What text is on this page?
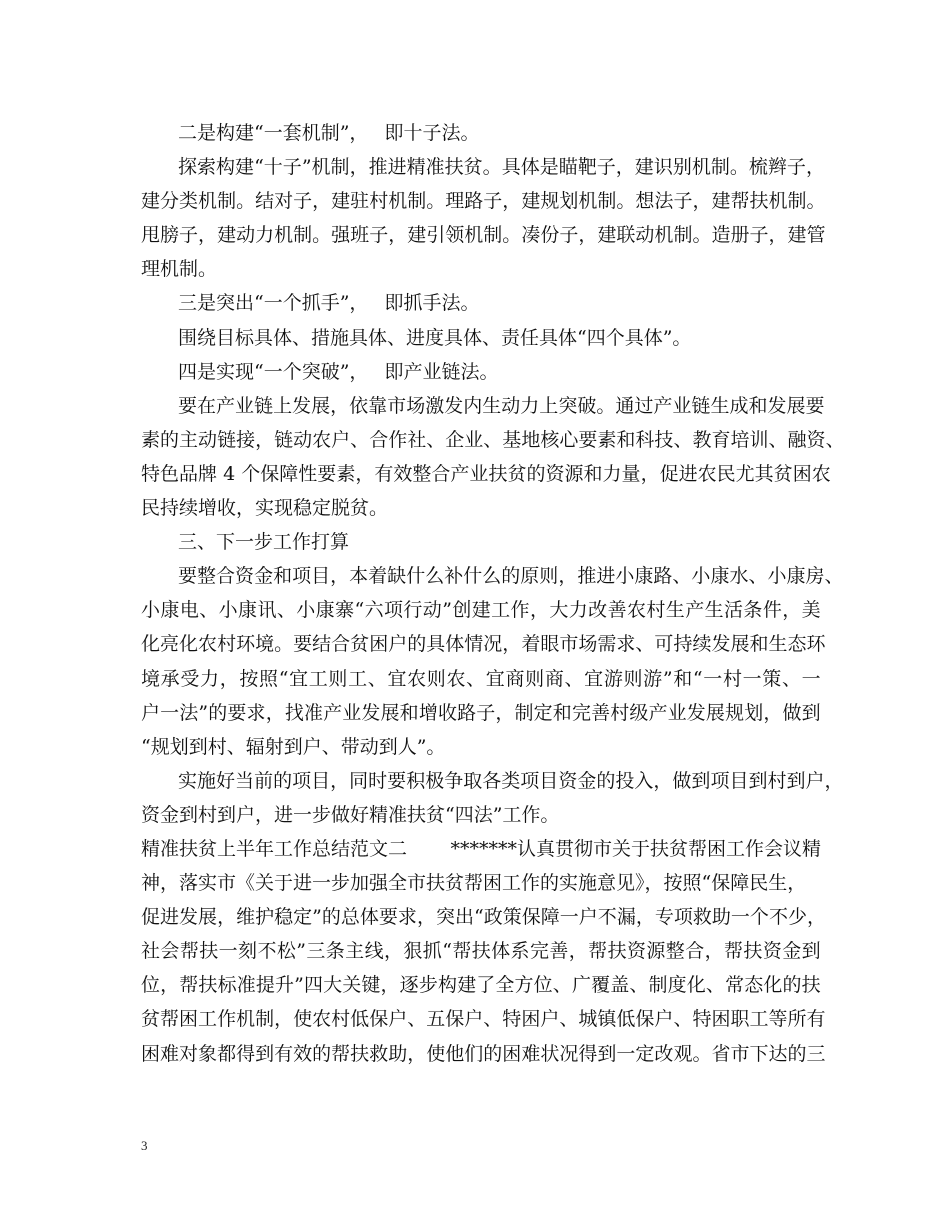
二是构建“一套机制”， 即十子法。
探 索 构 建 “ 十 子 ” 机 制 ， 推 进 精 准 扶 贫 。 具 体 是 瞄 靶 子 ， 建 识 别 机 制 。 梳 辫 子 ，
建 分 类 机 制 。 结 对 子 ， 建 驻 村 机 制 。 理 路 子 ， 建 规 划 机 制 。 想 法 子 ， 建 帮 扶 机 制 。
甩 膀 子 ， 建 动 力 机 制 。 强 班 子 ， 建 引 领 机 制 。 凑 份 子 ， 建 联 动 机 制 。 造 册 子 ， 建 管
理机制。
三是突出“一个抓手”， 即抓手法。
围绕目标具体、措施具体、进度具体、责任具体“四个具体”。
四是实现“一个突破”， 即产业链法。
要 在 产 业 链 上 发 展 ， 依 靠 市 场 激 发 内 生 动 力 上 突 破 。 通 过 产 业 链 生 成 和 发 展 要
素 的 主 动 链 接 ， 链 动 农 户 、 合 作 社 、 企 业 、 基 地 核 心 要 素 和 科 技 、 教 育 培 训 、 融 资 、
特 色 品 牌 4 个 保 障 性 要 素 ， 有 效 整 合 产 业 扶 贫 的 资 源 和 力 量 ， 促 进 农 民 尤 其 贫 困 农
民持续增收，实现稳定脱贫。
三、下一步工作打算
要 整 合 资 金 和 项 目 ， 本 着 缺 什 么 补 什 么 的 原 则 ， 推 进 小 康 路 、 小 康 水 、 小 康 房 、
小 康 电 、 小 康 讯 、 小 康 寨 “ 六 项 行 动 ” 创 建 工 作 ， 大 力 改 善 农 村 生 产 生 活 条 件 ， 美
化 亮 化 农 村 环 境 。 要 结 合 贫 困 户 的 具 体 情 况 ， 着 眼 市 场 需 求 、 可 持 续 发 展 和 生 态 环
境 承 受 力 ， 按 照 “ 宜 工 则 工 、 宜 农 则 农 、 宜 商 则 商 、 宜 游 则 游 ” 和 “ 一 村 一 策 、 一
户 一 法 ” 的 要 求 ， 找 准 产 业 发 展 和 增 收 路 子 ， 制 定 和 完 善 村 级 产 业 发 展 规 划 ， 做 到
“规划到村、辐射到户、带动到人”。
实 施 好 当 前 的 项 目 ， 同 时 要 积 极 争 取 各 类 项 目 资 金 的 投 入 ， 做 到 项 目 到 村 到 户 ，
资金到村到户，进一步做好精准扶贫“四法”工作。
精准扶贫上半年工作总结范文二 *******认真贯彻市关于扶贫帮困工作会议精
神，落实市《关于进一步加强全市扶贫帮困工作的实施意见》，按照“保障民生，
促 进 发 展 ， 维 护 稳 定 ” 的 总 体 要 求 ， 突 出 “ 政 策 保 障 一 户 不 漏 ， 专 项 救 助 一 个 不 少 ，
社 会 帮 扶 一 刻 不 松 ” 三 条 主 线 ， 狠 抓 “ 帮 扶 体 系 完 善 ， 帮 扶 资 源 整 合 ， 帮 扶 资 金 到
位 ， 帮 扶 标 准 提 升 ” 四 大 关 键 ， 逐 步 构 建 了 全 方 位 、 广 覆 盖 、 制 度 化 、 常 态 化 的 扶
贫 帮 困 工 作 机 制 ， 使 农 村 低 保 户 、 五 保 户 、 特 困 户 、 城 镇 低 保 户 、 特 困 职 工 等 所 有
困 难 对 象 都 得 到 有 效 的 帮 扶 救 助 ， 使 他 们 的 困 难 状 况 得 到 一 定 改 观 。 省 市 下 达 的 三
3
